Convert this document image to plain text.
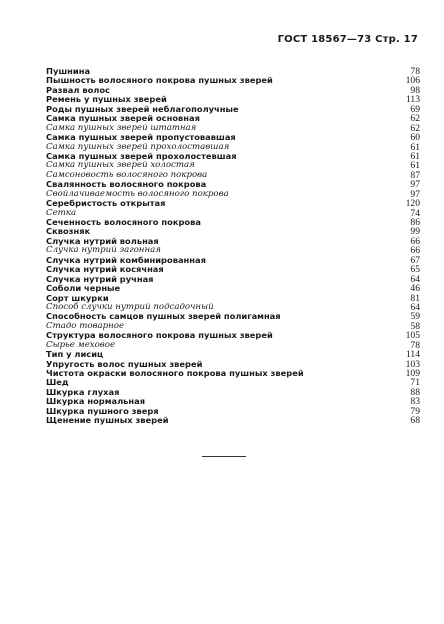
ГОСТ 18567—73 Стр. 17
Пушнина	78
Пышность волосяного покрова пушных зверей	106
Развал волос	98
Ремень у пушных зверей	113
Роды пушных зверей неблагополучные	69
Самка пушных зверей основная	62
Самка пушных зверей штатная	62
Самка пушных зверей пропустовавшая	60
Самка пушных зверей прохолоставшая	61
Самка пушных зверей прохолостевшая	61
Самка пушных зверей холостая	61
Самсоновость волосяного покрова	87
Свалянность волосяного покрова	97
Свойлачиваемость волосяного покрова	97
Серебристость открытая	120
Сетка	74
Сеченность волосяного покрова	86
Сквозняк	99
Случка нутрий вольная	66
Случка нутрий загонная	66
Случка нутрий комбинированная	67
Случка нутрий косячная	65
Случка нутрий ручная	64
Соболи черные	46
Сорт шкурки	81
Способ случки нутрий подсадочный	64
Способность самцов пушных зверей полигамная	59
Стадо товарное	58
Структура волосяного покрова пушных зверей	105
Сырье меховое	78
Тип у лисиц	114
Упругость волос пушных зверей	103
Чистота окраски волосяного покрова пушных зверей	109
Шед	71
Шкурка глухая	88
Шкурка нормальная	83
Шкурка пушного зверя	79
Щенение пушных зверей	68
